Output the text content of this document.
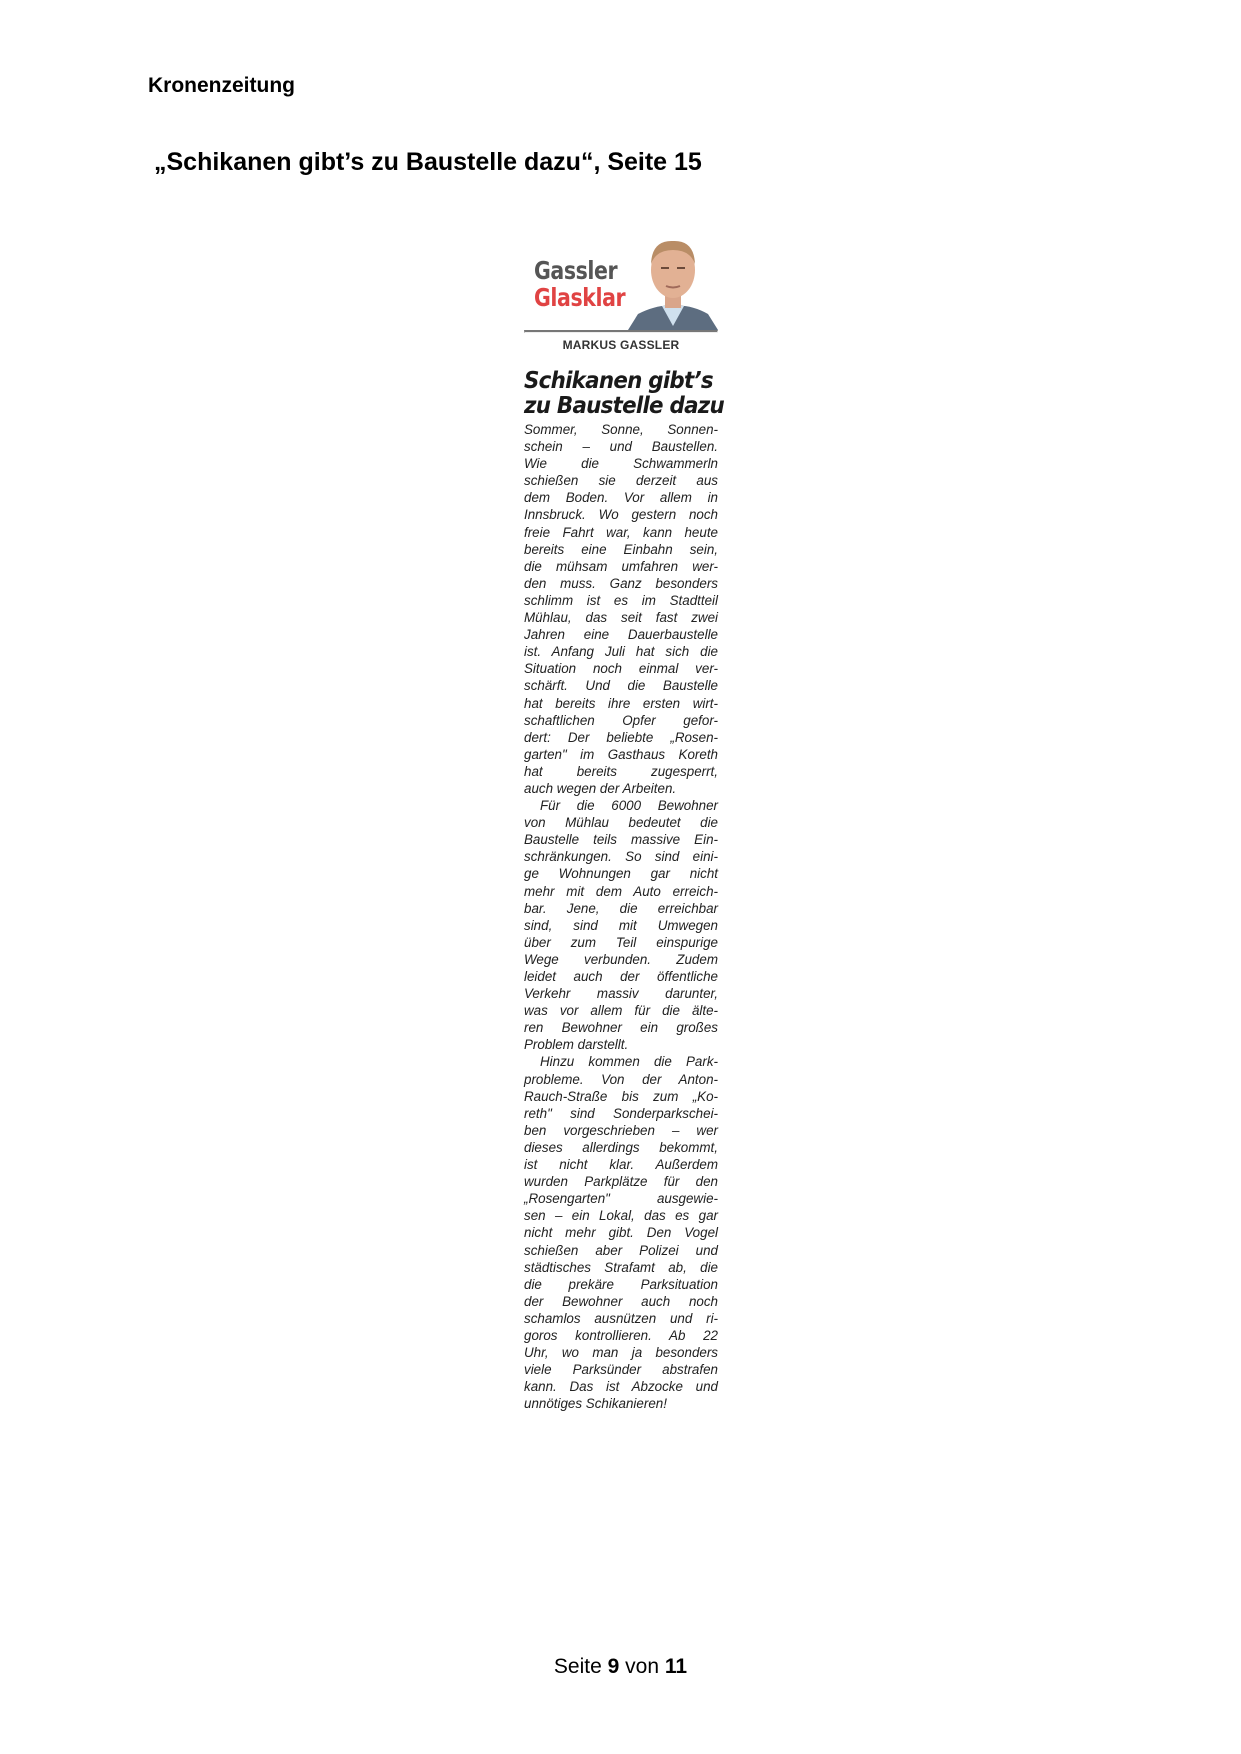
Kronenzeitung
„Schikanen gibt’s zu Baustelle dazu“, Seite 15
Gassler
Glasklar
MARKUS GASSLER
Schikanen gibt’s
zu Baustelle dazu
Sommer, Sonne, Sonnen-
schein – und Baustellen.
Wie die Schwammerln
schießen sie derzeit aus
dem Boden. Vor allem in
Innsbruck. Wo gestern noch
freie Fahrt war, kann heute
bereits eine Einbahn sein,
die mühsam umfahren wer-
den muss. Ganz besonders
schlimm ist es im Stadtteil
Mühlau, das seit fast zwei
Jahren eine Dauerbaustelle
ist. Anfang Juli hat sich die
Situation noch einmal ver-
schärft. Und die Baustelle
hat bereits ihre ersten wirt-
schaftlichen Opfer gefor-
dert: Der beliebte „Rosen-
garten" im Gasthaus Koreth
hat bereits zugesperrt,
auch wegen der Arbeiten.
Für die 6000 Bewohner
von Mühlau bedeutet die
Baustelle teils massive Ein-
schränkungen. So sind eini-
ge Wohnungen gar nicht
mehr mit dem Auto erreich-
bar. Jene, die erreichbar
sind, sind mit Umwegen
über zum Teil einspurige
Wege verbunden. Zudem
leidet auch der öffentliche
Verkehr massiv darunter,
was vor allem für die älte-
ren Bewohner ein großes
Problem darstellt.
Hinzu kommen die Park-
probleme. Von der Anton-
Rauch-Straße bis zum „Ko-
reth" sind Sonderparkschei-
ben vorgeschrieben – wer
dieses allerdings bekommt,
ist nicht klar. Außerdem
wurden Parkplätze für den
„Rosengarten" ausgewie-
sen – ein Lokal, das es gar
nicht mehr gibt. Den Vogel
schießen aber Polizei und
städtisches Strafamt ab, die
die prekäre Parksituation
der Bewohner auch noch
schamlos ausnützen und ri-
goros kontrollieren. Ab 22
Uhr, wo man ja besonders
viele Parksünder abstrafen
kann. Das ist Abzocke und
unnötiges Schikanieren!
Seite 9 von 11
